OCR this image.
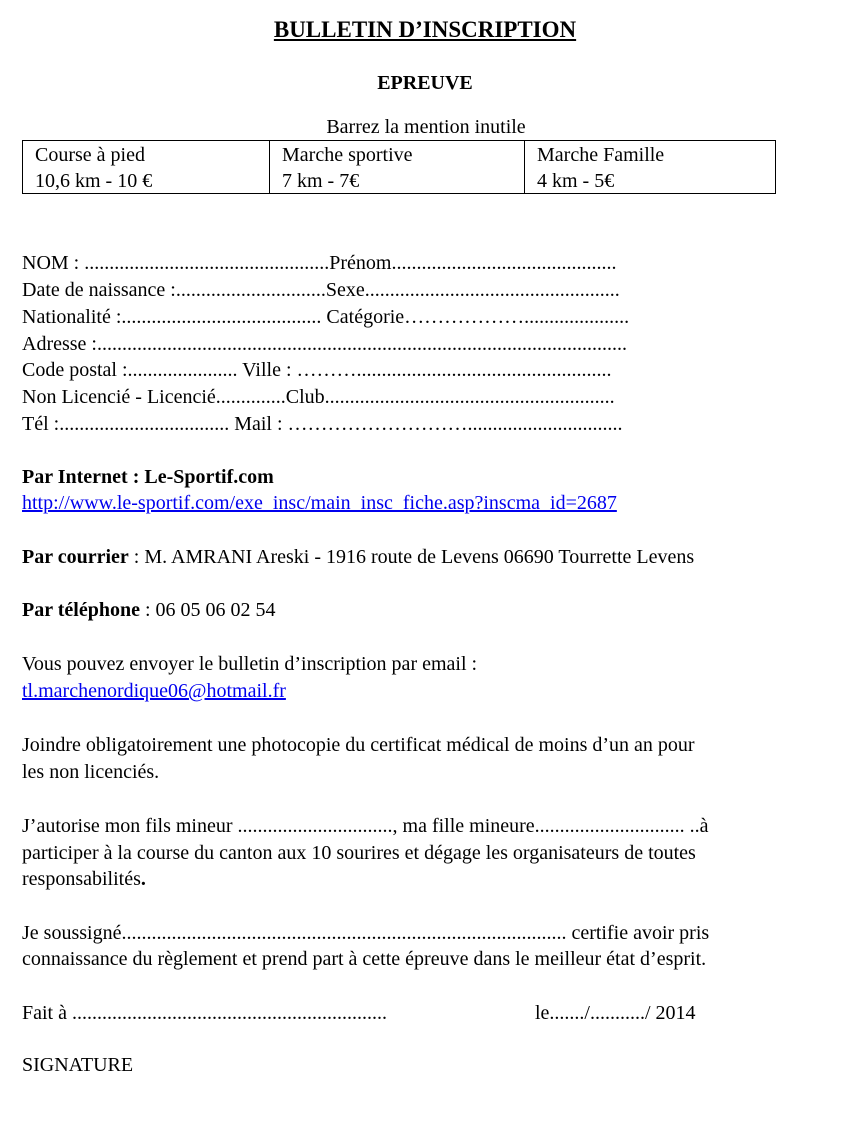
BULLETIN D’INSCRIPTION
EPREUVE
Barrez la mention inutile
Course à pied
10,6 km - 10 €
Marche sportive
7 km - 7€
Marche Famille
4 km - 5€
NOM : .................................................Prénom.............................................
Date de naissance :..............................Sexe...................................................
Nationalité :........................................ Catégorie……………….....................
Adresse :..........................................................................................................
Code postal :...................... Ville : ………...................................................
Non Licencié - Licencié..............Club..........................................................
Tél :.................................. Mail : ………………………...............................
Par Internet : Le-Sportif.com
http://www.le-sportif.com/exe_insc/main_insc_fiche.asp?inscma_id=2687
Par courrier : M. AMRANI Areski - 1916 route de Levens 06690 Tourrette Levens
Par téléphone : 06 05 06 02 54
Vous pouvez envoyer le bulletin d’inscription par email :
tl.marchenordique06@hotmail.fr
Joindre obligatoirement une photocopie du certificat médical de moins d’un an pour
les non licenciés.
J’autorise mon fils mineur ..............................., ma fille mineure.............................. ..à
participer à la course du canton aux 10 sourires et dégage les organisateurs de toutes
responsabilités.
Je soussigné......................................................................................... certifie avoir pris
connaissance du règlement et prend part à cette épreuve dans le meilleur état d’esprit.
Fait à ...............................................................	le......./.........../ 2014
SIGNATURE
